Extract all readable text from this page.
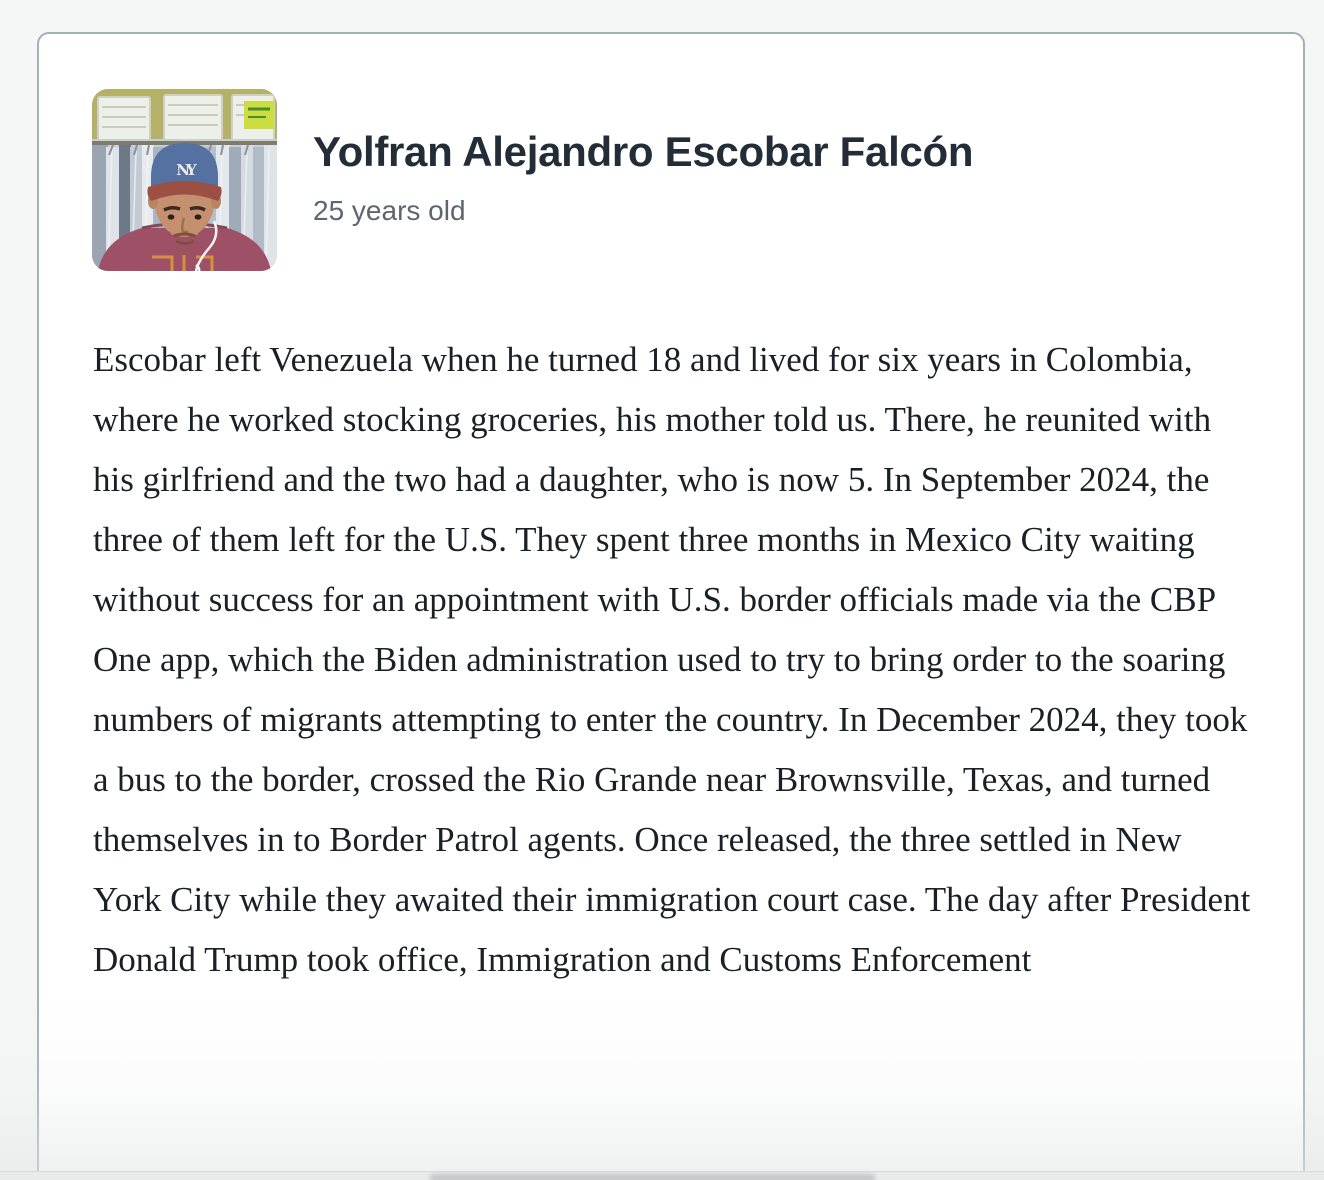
NY	Yolfran Alejandro Escobar Falcón

25 years old

Escobar left Venezuela when he turned 18 and lived for six years in Colombia, where he worked stocking groceries, his mother told us. There, he reunited with his girlfriend and the two had a daughter, who is now 5. In September 2024, the three of them left for the U.S. They spent three months in Mexico City waiting without success for an appointment with U.S. border officials made via the CBP One app, which the Biden administration used to try to bring order to the soaring numbers of migrants attempting to enter the country. In December 2024, they took a bus to the border, crossed the Rio Grande near Brownsville, Texas, and turned themselves in to Border Patrol agents. Once released, the three settled in New York City while they awaited their immigration court case. The day after President Donald Trump took office, Immigration and Customs Enforcement
